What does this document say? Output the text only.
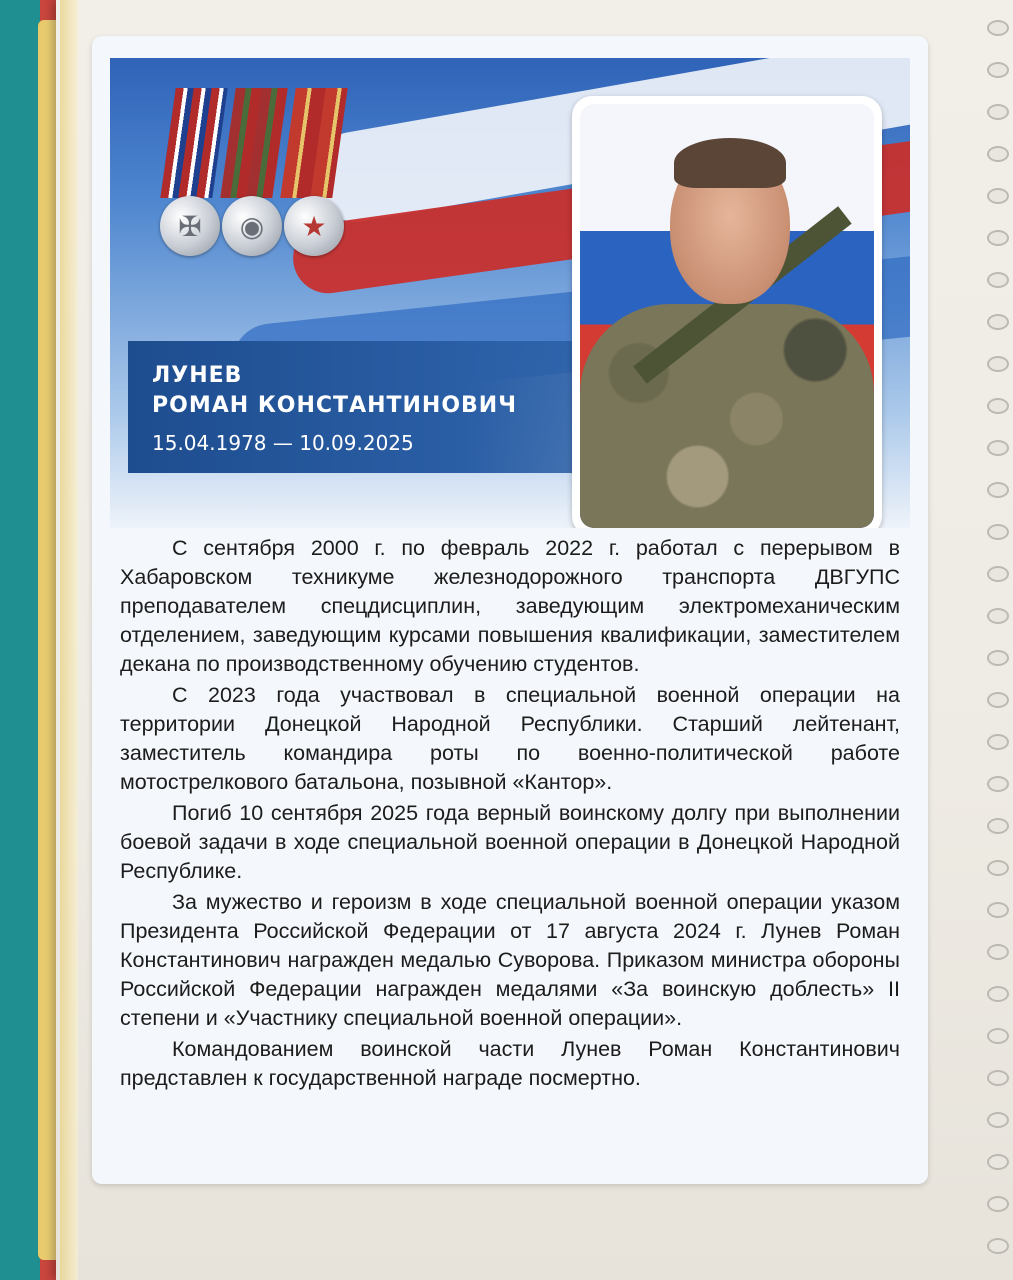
✠	◉	★
ЛУНЕВ
РОМАН КОНСТАНТИНОВИЧ
15.04.1978 — 10.09.2025

С сентября 2000 г. по февраль 2022 г. работал с перерывом в Хабаровском техникуме железнодорожного транспорта ДВГУПС преподавателем спецдисциплин, заведующим электромеханическим отделением, заведующим курсами повышения квалификации, заместителем декана по производственному обучению студентов.

С 2023 года участвовал в специальной военной операции на территории Донецкой Народной Республики. Старший лейтенант, заместитель командира роты по военно-политической работе мотострелкового батальона, позывной «Кантор».

Погиб 10 сентября 2025 года верный воинскому долгу при выполнении боевой задачи в ходе специальной военной операции в Донецкой Народной Республике.

За мужество и героизм в ходе специальной военной операции указом Президента Российской Федерации от 17 августа 2024 г. Лунев Роман Константинович награжден медалью Суворова. Приказом министра обороны Российской Федерации награжден медалями «За воинскую доблесть» II степени и «Участнику специальной военной операции».

Командованием воинской части Лунев Роман Константинович представлен к государственной награде посмертно.
